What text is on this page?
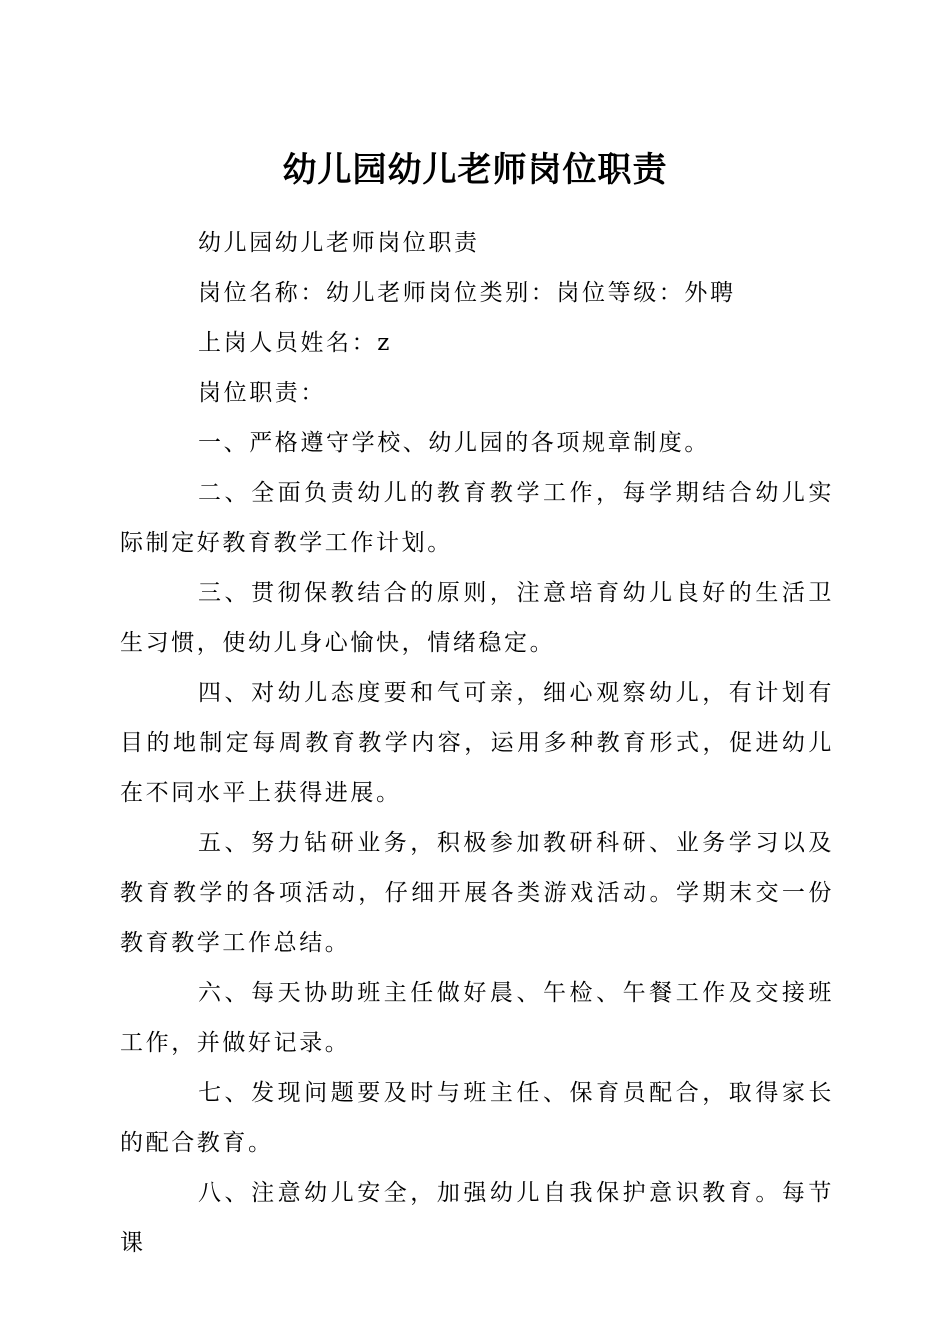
幼儿园幼儿老师岗位职责

幼儿园幼儿老师岗位职责

岗位名称：幼儿老师岗位类别：岗位等级：外聘

上岗人员姓名：z

岗位职责：

一、严格遵守学校、幼儿园的各项规章制度。

二、全面负责幼儿的教育教学工作，每学期结合幼儿实际制定好教育教学工作计划。

三、贯彻保教结合的原则，注意培育幼儿良好的生活卫生习惯，使幼儿身心愉快，情绪稳定。

四、对幼儿态度要和气可亲，细心观察幼儿，有计划有目的地制定每周教育教学内容，运用多种教育形式，促进幼儿在不同水平上获得进展。

五、努力钻研业务，积极参加教研科研、业务学习以及教育教学的各项活动，仔细开展各类游戏活动。学期末交一份教育教学工作总结。

六、每天协助班主任做好晨、午检、午餐工作及交接班工作，并做好记录。

七、发现问题要及时与班主任、保育员配合，取得家长的配合教育。

八、注意幼儿安全，加强幼儿自我保护意识教育。每节课
